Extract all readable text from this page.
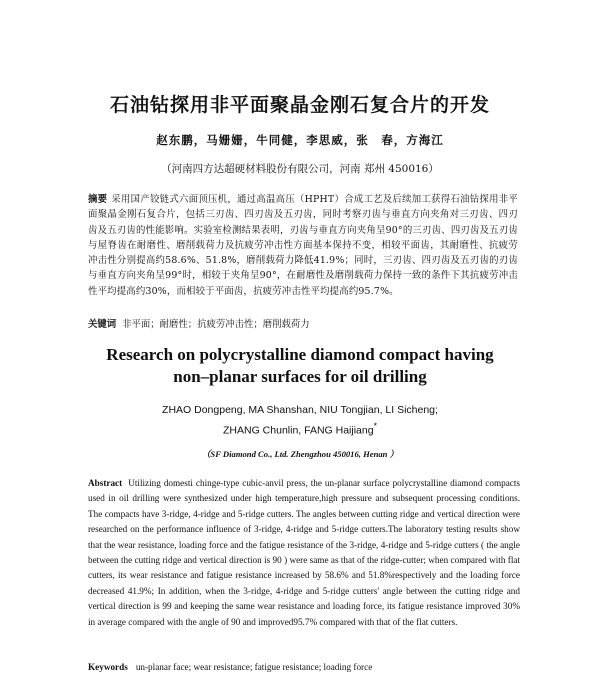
石油钻探用非平面聚晶金刚石复合片的开发
赵东鹏，马姗姗，牛同健，李思威，张　春，方海江
（河南四方达超硬材料股份有限公司，河南 郑州 450016）
摘要 采用国产铰链式六面顶压机，通过高温高压（HPHT）合成工艺及后续加工获得石油钻探用非平面聚晶金刚石复合片，包括三刃齿、四刃齿及五刃齿，同时考察刃齿与垂直方向夹角对三刃齿、四刃齿及五刃齿的性能影响。实验室检测结果表明，刃齿与垂直方向夹角呈90°的三刃齿、四刃齿及五刃齿与屋脊齿在耐磨性、磨削载荷力及抗疲劳冲击性方面基本保持不变，相较平面齿，其耐磨性、抗疲劳冲击性分别提高约58.6%、51.8%，磨削载荷力降低41.9%；同时，三刃齿、四刃齿及五刃齿的刃齿与垂直方向夹角呈99°时，相较于夹角呈90°，在耐磨性及磨削载荷力保持一致的条件下其抗疲劳冲击性平均提高约30%，而相较于平面齿，抗疲劳冲击性平均提高约95.7%。
关键词 非平面；耐磨性；抗疲劳冲击性；磨削载荷力
Research on polycrystalline diamond compact having
non–planar surfaces for oil drilling
ZHAO Dongpeng, MA Shanshan, NIU Tongjian, LI Sicheng;
ZHANG Chunlin, FANG Haijiang*
（SF Diamond Co., Ltd. Zhengzhou 450016, Henan ）
Abstract Utilizing domesti chinge-type cubic-anvil press, the un-planar surface polycrystalline diamond compacts used in oil drilling were synthesized under high temperature,high pressure and subsequent processing conditions. The compacts have 3-ridge, 4-ridge and 5-ridge cutters. The angles between cutting ridge and vertical direction were researched on the performance influence of 3-ridge, 4-ridge and 5-ridge cutters.The laboratory testing results show that the wear resistance, loading force and the fatigue resistance of the 3-ridge, 4-ridge and 5-ridge cutters ( the angle between the cutting ridge and vertical direction is 90 ) were same as that of the ridge-cutter; when compared with flat cutters, its wear resistance and fatigue resistance increased by 58.6% and 51.8%respectively and the loading force decreased 41.9%; In addition, when the 3-ridge, 4-ridge and 5-ridge cutters' angle between the cutting ridge and vertical direction is 99 and keeping the same wear resistance and loading force, its fatigue resistance improved 30% in average compared with the angle of 90 and improved95.7% compared with that of the flat cutters.
Keywords un-planar face; wear resistance; fatigue resistance; loading force
